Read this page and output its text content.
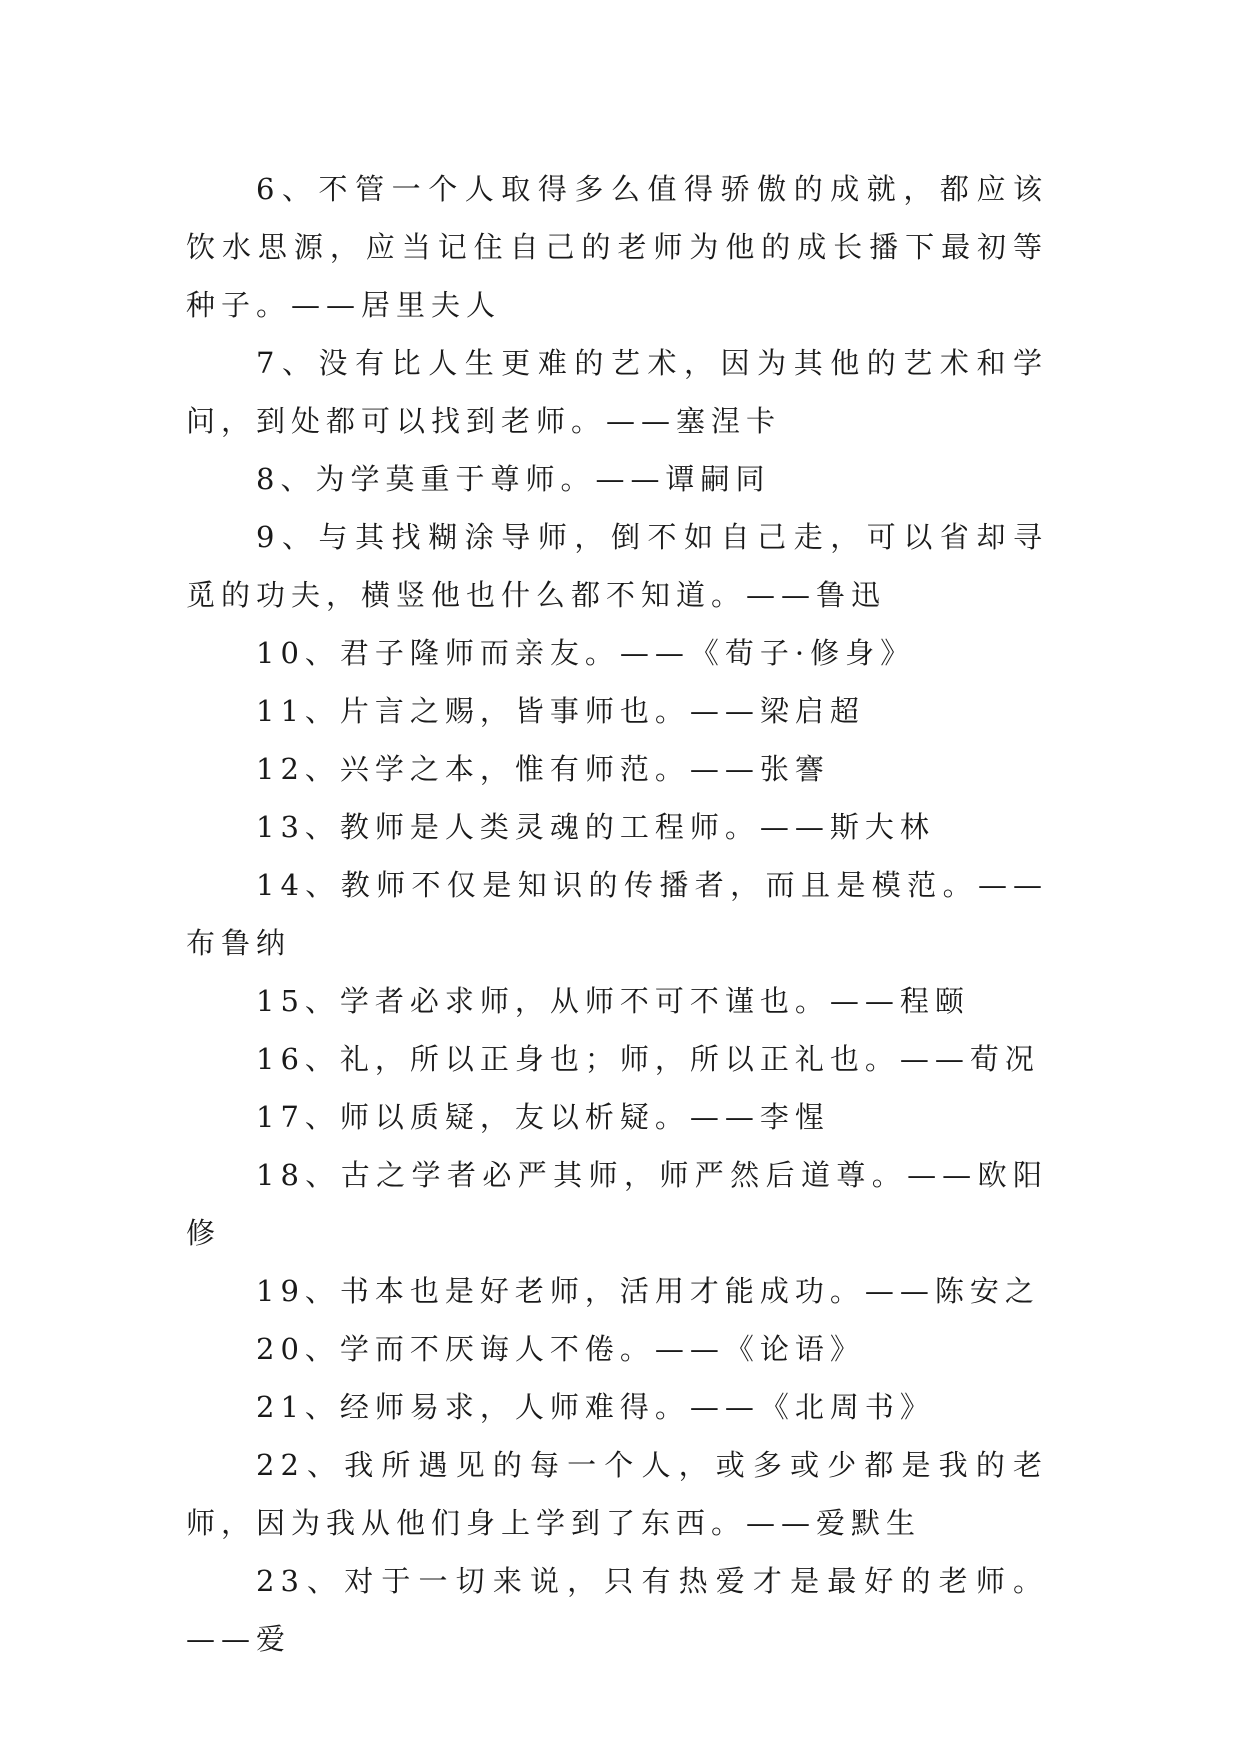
6、不管一个人取得多么值得骄傲的成就，都应该饮水思源，应当记住自己的老师为他的成长播下最初等种子。——居里夫人

7、没有比人生更难的艺术，因为其他的艺术和学问，到处都可以找到老师。——塞涅卡

8、为学莫重于尊师。——谭嗣同

9、与其找糊涂导师，倒不如自己走，可以省却寻觅的功夫，横竖他也什么都不知道。——鲁迅

10、君子隆师而亲友。——《荀子·修身》

11、片言之赐，皆事师也。——梁启超

12、兴学之本，惟有师范。——张謇

13、教师是人类灵魂的工程师。——斯大林

14、教师不仅是知识的传播者，而且是模范。——布鲁纳

15、学者必求师，从师不可不谨也。——程颐

16、礼，所以正身也；师，所以正礼也。——荀况

17、师以质疑，友以析疑。——李惺

18、古之学者必严其师，师严然后道尊。——欧阳修

19、书本也是好老师，活用才能成功。——陈安之

20、学而不厌诲人不倦。——《论语》

21、经师易求，人师难得。——《北周书》

22、我所遇见的每一个人，或多或少都是我的老师，因为我从他们身上学到了东西。——爱默生

23、对于一切来说，只有热爱才是最好的老师。——爱
